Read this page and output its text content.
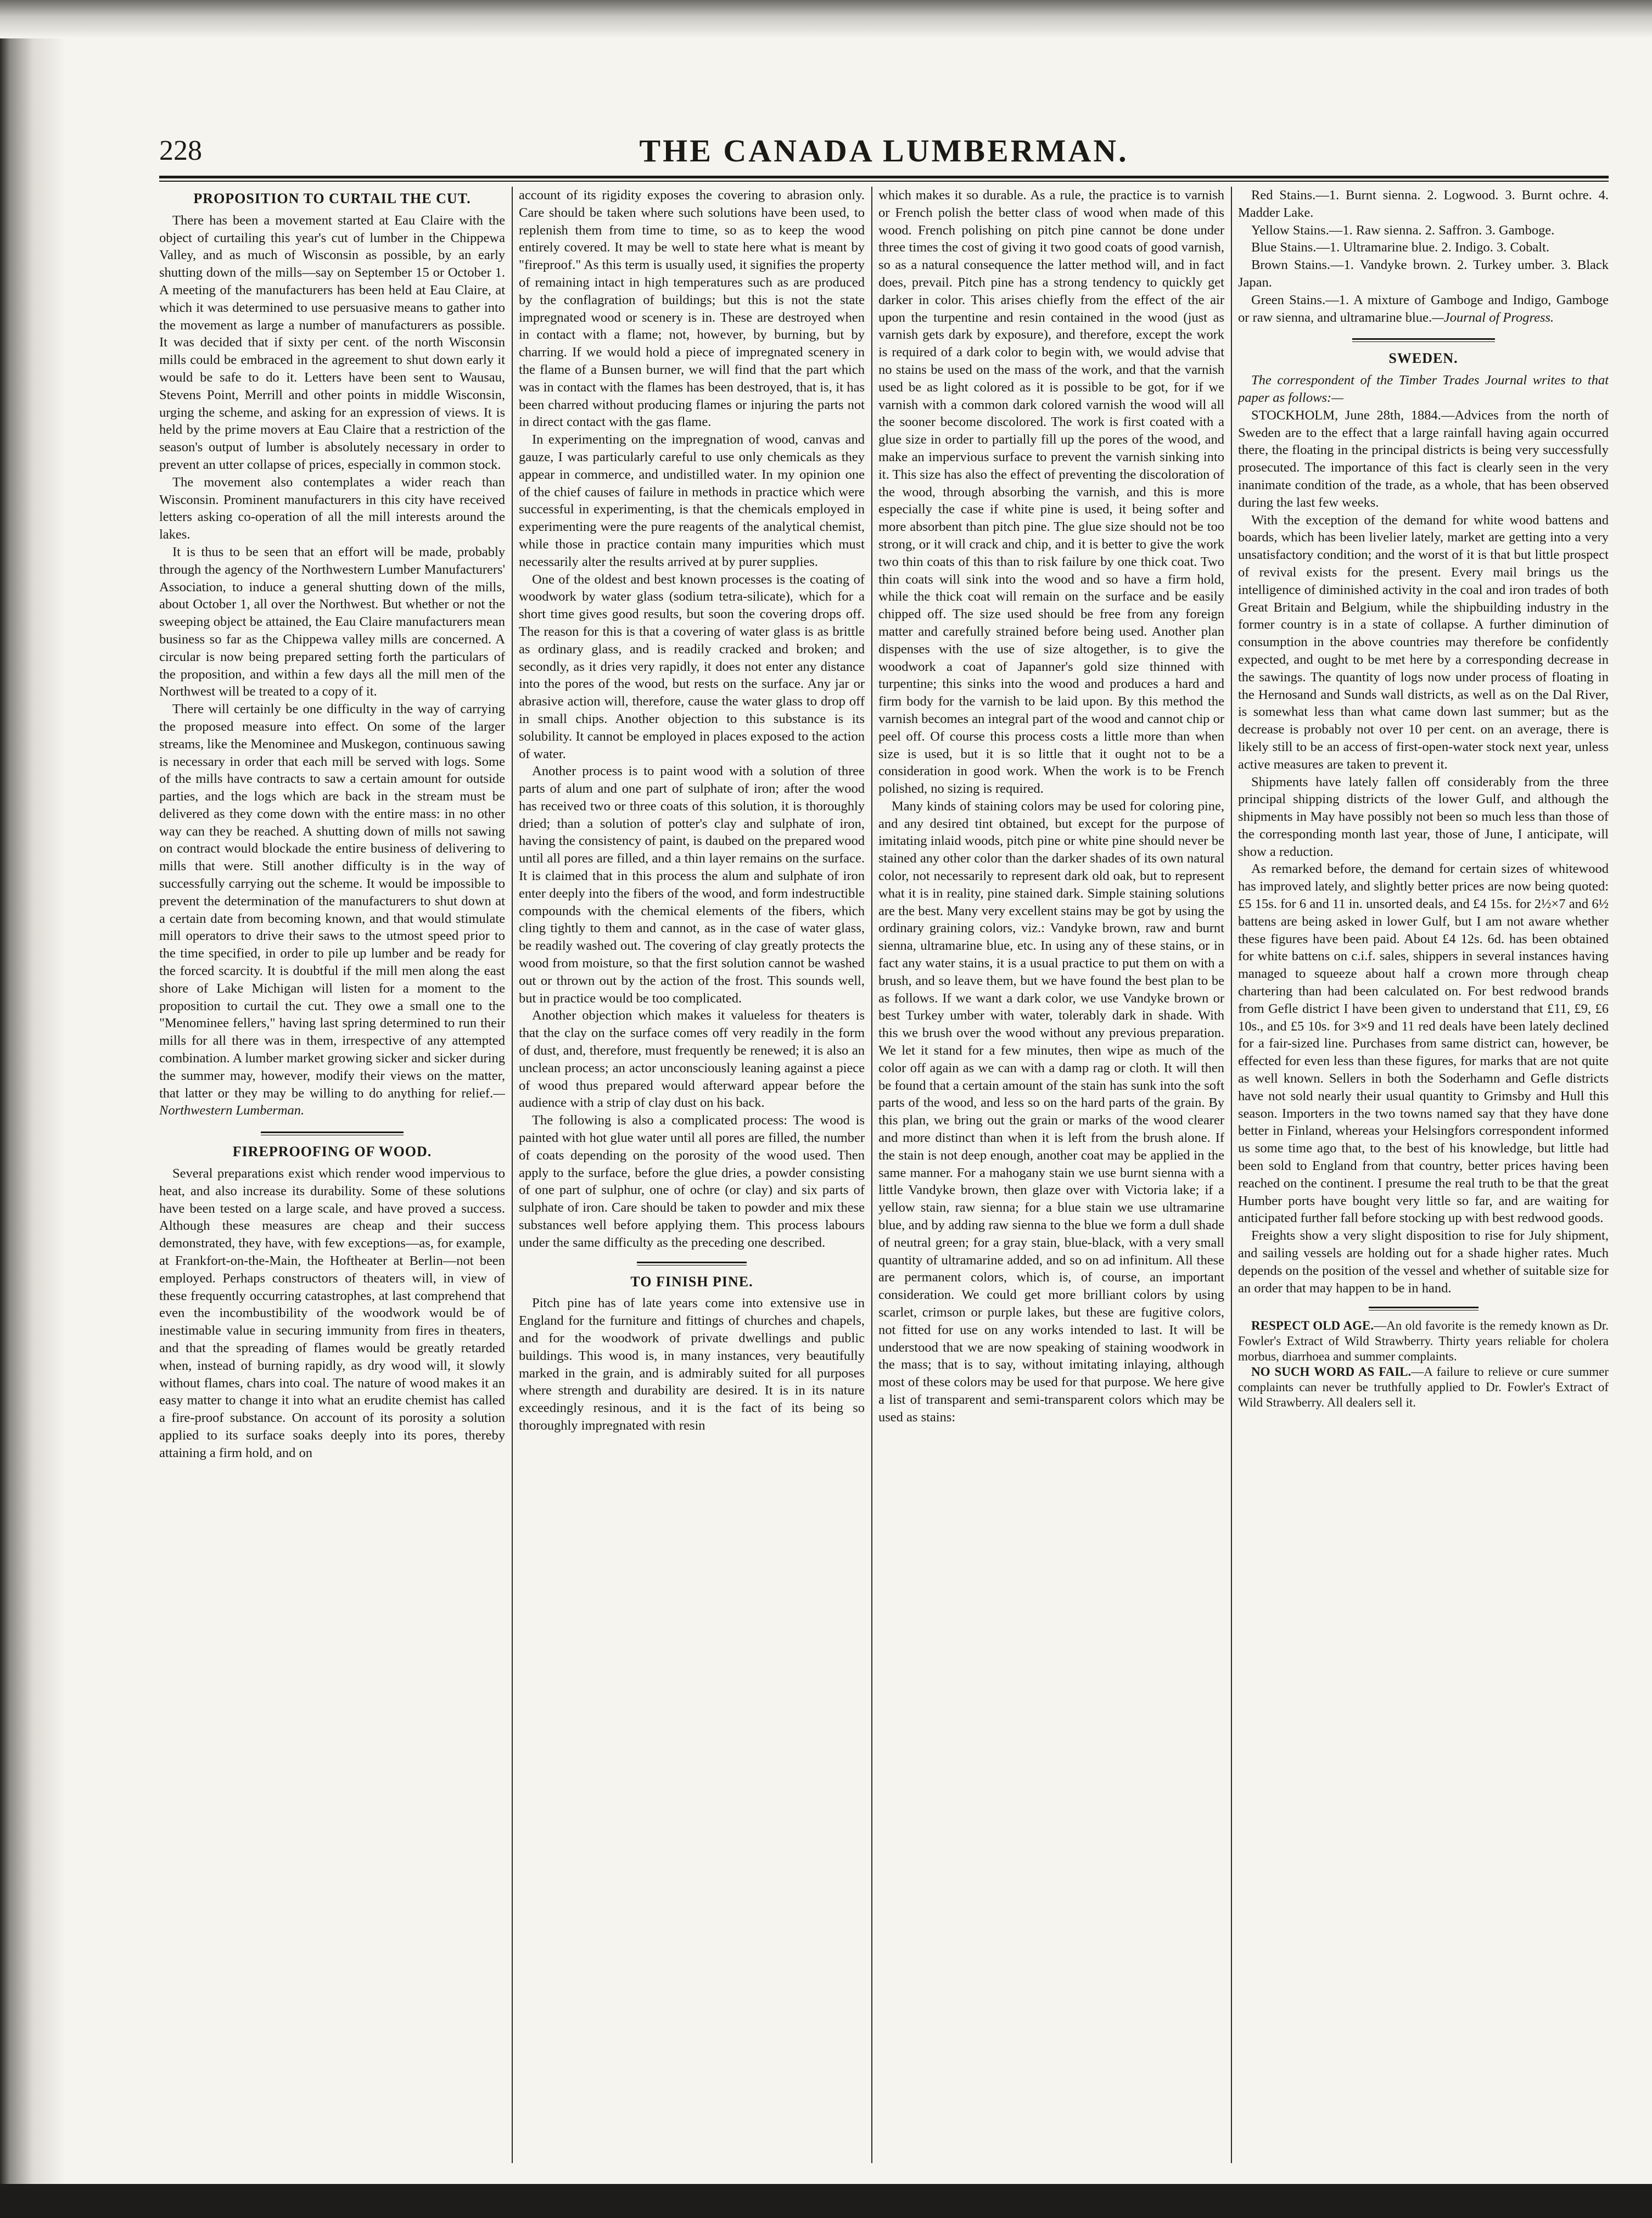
228	THE CANADA LUMBERMAN.
PROPOSITION TO CURTAIL THE CUT.

There has been a movement started at Eau Claire with the object of curtailing this year's cut of lumber in the Chippewa Valley, and as much of Wisconsin as possible, by an early shutting down of the mills—say on September 15 or October 1. A meeting of the manufacturers has been held at Eau Claire, at which it was determined to use persuasive means to gather into the movement as large a number of manufacturers as possible. It was decided that if sixty per cent. of the north Wisconsin mills could be embraced in the agreement to shut down early it would be safe to do it. Letters have been sent to Wausau, Stevens Point, Merrill and other points in middle Wisconsin, urging the scheme, and asking for an expression of views. It is held by the prime movers at Eau Claire that a restriction of the season's output of lumber is absolutely necessary in order to prevent an utter collapse of prices, especially in common stock.

The movement also contemplates a wider reach than Wisconsin. Prominent manufacturers in this city have received letters asking co-operation of all the mill interests around the lakes.

It is thus to be seen that an effort will be made, probably through the agency of the Northwestern Lumber Manufacturers' Association, to induce a general shutting down of the mills, about October 1, all over the Northwest. But whether or not the sweeping object be attained, the Eau Claire manufacturers mean business so far as the Chippewa valley mills are concerned. A circular is now being prepared setting forth the particulars of the proposition, and within a few days all the mill men of the Northwest will be treated to a copy of it.

There will certainly be one difficulty in the way of carrying the proposed measure into effect. On some of the larger streams, like the Menominee and Muskegon, continuous sawing is necessary in order that each mill be served with logs. Some of the mills have contracts to saw a certain amount for outside parties, and the logs which are back in the stream must be delivered as they come down with the entire mass: in no other way can they be reached. A shutting down of mills not sawing on contract would blockade the entire business of delivering to mills that were. Still another difficulty is in the way of successfully carrying out the scheme. It would be impossible to prevent the determination of the manufacturers to shut down at a certain date from becoming known, and that would stimulate mill operators to drive their saws to the utmost speed prior to the time specified, in order to pile up lumber and be ready for the forced scarcity. It is doubtful if the mill men along the east shore of Lake Michigan will listen for a moment to the proposition to curtail the cut. They owe a small one to the "Menominee fellers," having last spring determined to run their mills for all there was in them, irrespective of any attempted combination. A lumber market growing sicker and sicker during the summer may, however, modify their views on the matter, that latter or they may be willing to do anything for relief.—Northwestern Lumberman.

FIREPROOFING OF WOOD.

Several preparations exist which render wood impervious to heat, and also increase its durability. Some of these solutions have been tested on a large scale, and have proved a success. Although these measures are cheap and their success demonstrated, they have, with few exceptions—as, for example, at Frankfort-on-the-Main, the Hoftheater at Berlin—not been employed. Perhaps constructors of theaters will, in view of these frequently occurring catastrophes, at last comprehend that even the incombustibility of the woodwork would be of inestimable value in securing immunity from fires in theaters, and that the spreading of flames would be greatly retarded when, instead of burning rapidly, as dry wood will, it slowly without flames, chars into coal. The nature of wood makes it an easy matter to change it into what an erudite chemist has called a fire-proof substance. On account of its porosity a solution applied to its surface soaks deeply into its pores, thereby attaining a firm hold, and on

account of its rigidity exposes the covering to abrasion only. Care should be taken where such solutions have been used, to replenish them from time to time, so as to keep the wood entirely covered. It may be well to state here what is meant by "fireproof." As this term is usually used, it signifies the property of remaining intact in high temperatures such as are produced by the conflagration of buildings; but this is not the state impregnated wood or scenery is in. These are destroyed when in contact with a flame; not, however, by burning, but by charring. If we would hold a piece of impregnated scenery in the flame of a Bunsen burner, we will find that the part which was in contact with the flames has been destroyed, that is, it has been charred without producing flames or injuring the parts not in direct contact with the gas flame.

In experimenting on the impregnation of wood, canvas and gauze, I was particularly careful to use only chemicals as they appear in commerce, and undistilled water. In my opinion one of the chief causes of failure in methods in practice which were successful in experimenting, is that the chemicals employed in experimenting were the pure reagents of the analytical chemist, while those in practice contain many impurities which must necessarily alter the results arrived at by purer supplies.

One of the oldest and best known processes is the coating of woodwork by water glass (sodium tetra-silicate), which for a short time gives good results, but soon the covering drops off. The reason for this is that a covering of water glass is as brittle as ordinary glass, and is readily cracked and broken; and secondly, as it dries very rapidly, it does not enter any distance into the pores of the wood, but rests on the surface. Any jar or abrasive action will, therefore, cause the water glass to drop off in small chips. Another objection to this substance is its solubility. It cannot be employed in places exposed to the action of water.

Another process is to paint wood with a solution of three parts of alum and one part of sulphate of iron; after the wood has received two or three coats of this solution, it is thoroughly dried; than a solution of potter's clay and sulphate of iron, having the consistency of paint, is daubed on the prepared wood until all pores are filled, and a thin layer remains on the surface. It is claimed that in this process the alum and sulphate of iron enter deeply into the fibers of the wood, and form indestructible compounds with the chemical elements of the fibers, which cling tightly to them and cannot, as in the case of water glass, be readily washed out. The covering of clay greatly protects the wood from moisture, so that the first solution cannot be washed out or thrown out by the action of the frost. This sounds well, but in practice would be too complicated.

Another objection which makes it valueless for theaters is that the clay on the surface comes off very readily in the form of dust, and, therefore, must frequently be renewed; it is also an unclean process; an actor unconsciously leaning against a piece of wood thus prepared would afterward appear before the audience with a strip of clay dust on his back.

The following is also a complicated process: The wood is painted with hot glue water until all pores are filled, the number of coats depending on the porosity of the wood used. Then apply to the surface, before the glue dries, a powder consisting of one part of sulphur, one of ochre (or clay) and six parts of sulphate of iron. Care should be taken to powder and mix these substances well before applying them. This process labours under the same difficulty as the preceding one described.

TO FINISH PINE.

Pitch pine has of late years come into extensive use in England for the furniture and fittings of churches and chapels, and for the woodwork of private dwellings and public buildings. This wood is, in many instances, very beautifully marked in the grain, and is admirably suited for all purposes where strength and durability are desired. It is in its nature exceedingly resinous, and it is the fact of its being so thoroughly impregnated with resin

which makes it so durable. As a rule, the practice is to varnish or French polish the better class of wood when made of this wood. French polishing on pitch pine cannot be done under three times the cost of giving it two good coats of good varnish, so as a natural consequence the latter method will, and in fact does, prevail. Pitch pine has a strong tendency to quickly get darker in color. This arises chiefly from the effect of the air upon the turpentine and resin contained in the wood (just as varnish gets dark by exposure), and therefore, except the work is required of a dark color to begin with, we would advise that no stains be used on the mass of the work, and that the varnish used be as light colored as it is possible to be got, for if we varnish with a common dark colored varnish the wood will all the sooner become discolored. The work is first coated with a glue size in order to partially fill up the pores of the wood, and make an impervious surface to prevent the varnish sinking into it. This size has also the effect of preventing the discoloration of the wood, through absorbing the varnish, and this is more especially the case if white pine is used, it being softer and more absorbent than pitch pine. The glue size should not be too strong, or it will crack and chip, and it is better to give the work two thin coats of this than to risk failure by one thick coat. Two thin coats will sink into the wood and so have a firm hold, while the thick coat will remain on the surface and be easily chipped off. The size used should be free from any foreign matter and carefully strained before being used. Another plan dispenses with the use of size altogether, is to give the woodwork a coat of Japanner's gold size thinned with turpentine; this sinks into the wood and produces a hard and firm body for the varnish to be laid upon. By this method the varnish becomes an integral part of the wood and cannot chip or peel off. Of course this process costs a little more than when size is used, but it is so little that it ought not to be a consideration in good work. When the work is to be French polished, no sizing is required.

Many kinds of staining colors may be used for coloring pine, and any desired tint obtained, but except for the purpose of imitating inlaid woods, pitch pine or white pine should never be stained any other color than the darker shades of its own natural color, not necessarily to represent dark old oak, but to represent what it is in reality, pine stained dark. Simple staining solutions are the best. Many very excellent stains may be got by using the ordinary graining colors, viz.: Vandyke brown, raw and burnt sienna, ultramarine blue, etc. In using any of these stains, or in fact any water stains, it is a usual practice to put them on with a brush, and so leave them, but we have found the best plan to be as follows. If we want a dark color, we use Vandyke brown or best Turkey umber with water, tolerably dark in shade. With this we brush over the wood without any previous preparation. We let it stand for a few minutes, then wipe as much of the color off again as we can with a damp rag or cloth. It will then be found that a certain amount of the stain has sunk into the soft parts of the wood, and less so on the hard parts of the grain. By this plan, we bring out the grain or marks of the wood clearer and more distinct than when it is left from the brush alone. If the stain is not deep enough, another coat may be applied in the same manner. For a mahogany stain we use burnt sienna with a little Vandyke brown, then glaze over with Victoria lake; if a yellow stain, raw sienna; for a blue stain we use ultramarine blue, and by adding raw sienna to the blue we form a dull shade of neutral green; for a gray stain, blue-black, with a very small quantity of ultramarine added, and so on ad infinitum. All these are permanent colors, which is, of course, an important consideration. We could get more brilliant colors by using scarlet, crimson or purple lakes, but these are fugitive colors, not fitted for use on any works intended to last. It will be understood that we are now speaking of staining woodwork in the mass; that is to say, without imitating inlaying, although most of these colors may be used for that purpose. We here give a list of transparent and semi-transparent colors which may be used as stains:

Red Stains.—1. Burnt sienna. 2. Logwood. 3. Burnt ochre. 4. Madder Lake.

Yellow Stains.—1. Raw sienna. 2. Saffron. 3. Gamboge.

Blue Stains.—1. Ultramarine blue. 2. Indigo. 3. Cobalt.

Brown Stains.—1. Vandyke brown. 2. Turkey umber. 3. Black Japan.

Green Stains.—1. A mixture of Gamboge and Indigo, Gamboge or raw sienna, and ultramarine blue.—Journal of Progress.

SWEDEN.

The correspondent of the Timber Trades Journal writes to that paper as follows:—

STOCKHOLM, June 28th, 1884.—Advices from the north of Sweden are to the effect that a large rainfall having again occurred there, the floating in the principal districts is being very successfully prosecuted. The importance of this fact is clearly seen in the very inanimate condition of the trade, as a whole, that has been observed during the last few weeks.

With the exception of the demand for white wood battens and boards, which has been livelier lately, market are getting into a very unsatisfactory condition; and the worst of it is that but little prospect of revival exists for the present. Every mail brings us the intelligence of diminished activity in the coal and iron trades of both Great Britain and Belgium, while the shipbuilding industry in the former country is in a state of collapse. A further diminution of consumption in the above countries may therefore be confidently expected, and ought to be met here by a corresponding decrease in the sawings. The quantity of logs now under process of floating in the Hernosand and Sunds wall districts, as well as on the Dal River, is somewhat less than what came down last summer; but as the decrease is probably not over 10 per cent. on an average, there is likely still to be an access of first-open-water stock next year, unless active measures are taken to prevent it.

Shipments have lately fallen off considerably from the three principal shipping districts of the lower Gulf, and although the shipments in May have possibly not been so much less than those of the corresponding month last year, those of June, I anticipate, will show a reduction.

As remarked before, the demand for certain sizes of whitewood has improved lately, and slightly better prices are now being quoted: £5 15s. for 6 and 11 in. unsorted deals, and £4 15s. for 2½×7 and 6½ battens are being asked in lower Gulf, but I am not aware whether these figures have been paid. About £4 12s. 6d. has been obtained for white battens on c.i.f. sales, shippers in several instances having managed to squeeze about half a crown more through cheap chartering than had been calculated on. For best redwood brands from Gefle district I have been given to understand that £11, £9, £6 10s., and £5 10s. for 3×9 and 11 red deals have been lately declined for a fair-sized line. Purchases from same district can, however, be effected for even less than these figures, for marks that are not quite as well known. Sellers in both the Soderhamn and Gefle districts have not sold nearly their usual quantity to Grimsby and Hull this season. Importers in the two towns named say that they have done better in Finland, whereas your Helsingfors correspondent informed us some time ago that, to the best of his knowledge, but little had been sold to England from that country, better prices having been reached on the continent. I presume the real truth to be that the great Humber ports have bought very little so far, and are waiting for anticipated further fall before stocking up with best redwood goods.

Freights show a very slight disposition to rise for July shipment, and sailing vessels are holding out for a shade higher rates. Much depends on the position of the vessel and whether of suitable size for an order that may happen to be in hand.

RESPECT OLD AGE.—An old favorite is the remedy known as Dr. Fowler's Extract of Wild Strawberry. Thirty years reliable for cholera morbus, diarrhoea and summer complaints.

NO SUCH WORD AS FAIL.—A failure to relieve or cure summer complaints can never be truthfully applied to Dr. Fowler's Extract of Wild Strawberry. All dealers sell it.
